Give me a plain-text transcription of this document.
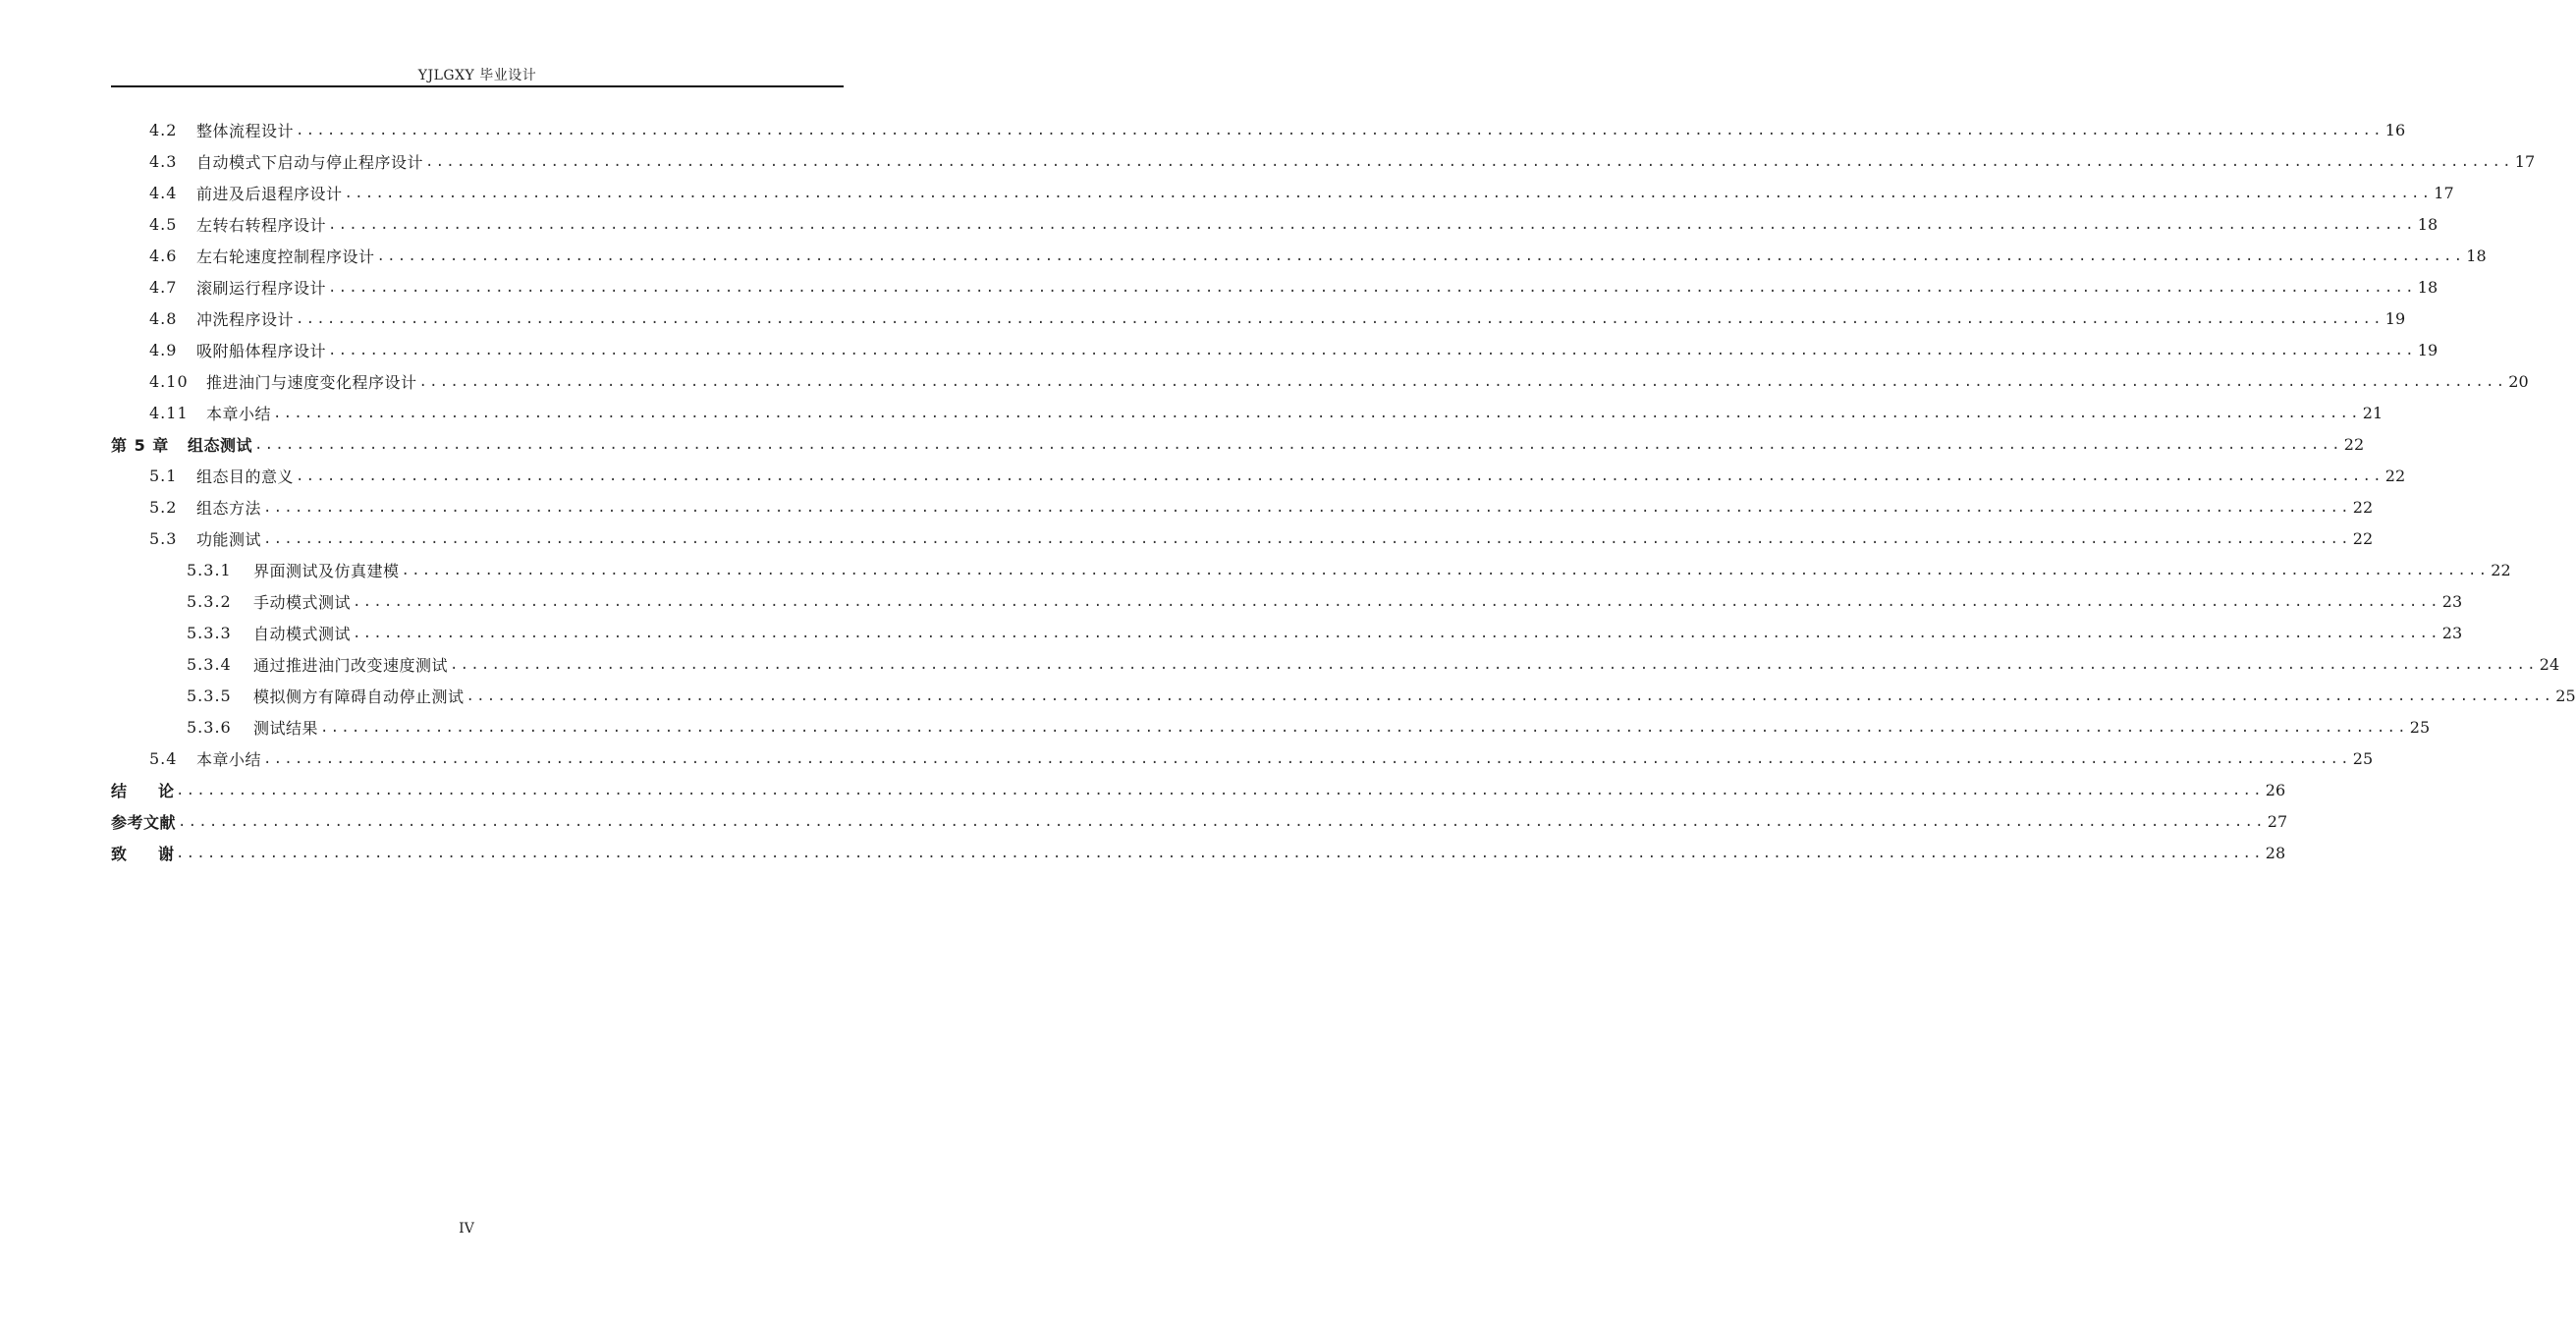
YJLGXY 毕业设计
4.2	整体流程设计 ........................................................................................................................................................................................................ 16
4.3	自动模式下启动与停止程序设计 ........................................................................................................................................................................................................ 17
4.4	前进及后退程序设计 ........................................................................................................................................................................................................ 17
4.5	左转右转程序设计 ........................................................................................................................................................................................................ 18
4.6	左右轮速度控制程序设计 ........................................................................................................................................................................................................ 18
4.7	滚刷运行程序设计 ........................................................................................................................................................................................................ 18
4.8	冲洗程序设计 ........................................................................................................................................................................................................ 19
4.9	吸附船体程序设计 ........................................................................................................................................................................................................ 19
4.10	推进油门与速度变化程序设计 ........................................................................................................................................................................................................ 20
4.11	本章小结 ........................................................................................................................................................................................................ 21
第 5 章	组态测试 ........................................................................................................................................................................................................ 22
5.1	组态目的意义 ........................................................................................................................................................................................................ 22
5.2	组态方法 ........................................................................................................................................................................................................ 22
5.3	功能测试 ........................................................................................................................................................................................................ 22
5.3.1	界面测试及仿真建模 ........................................................................................................................................................................................................ 22
5.3.2	手动模式测试 ........................................................................................................................................................................................................ 23
5.3.3	自动模式测试 ........................................................................................................................................................................................................ 23
5.3.4	通过推进油门改变速度测试 ........................................................................................................................................................................................................ 24
5.3.5	模拟侧方有障碍自动停止测试 ........................................................................................................................................................................................................ 25
5.3.6	测试结果 ........................................................................................................................................................................................................ 25
5.4	本章小结 ........................................................................................................................................................................................................ 25
结 论 ........................................................................................................................................................................................................ 26
参考文献 ........................................................................................................................................................................................................ 27
致 谢 ........................................................................................................................................................................................................ 28
IV
